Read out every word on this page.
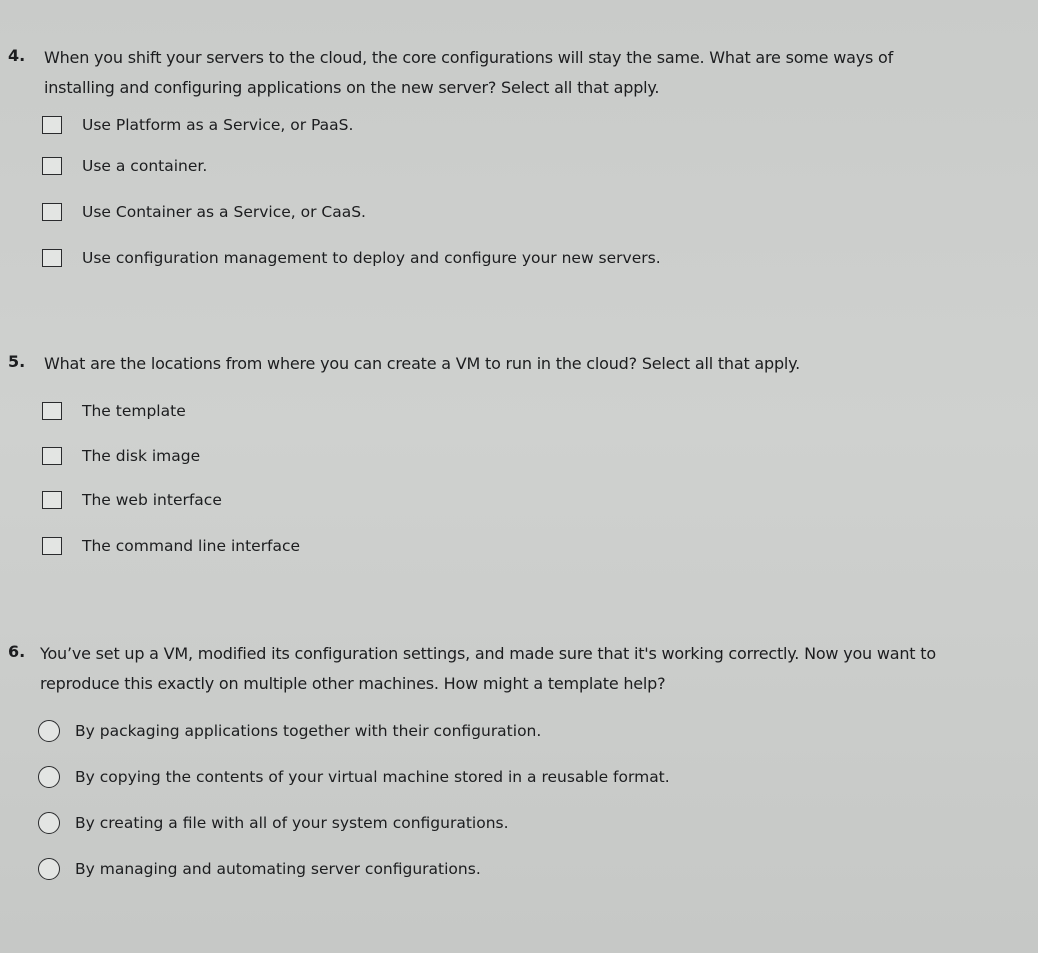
4. When you shift your servers to the cloud, the core configurations will stay the same. What are some ways of installing and configuring applications on the new server? Select all that apply.
Use Platform as a Service, or PaaS.
Use a container.
Use Container as a Service, or CaaS.
Use configuration management to deploy and configure your new servers.
5. What are the locations from where you can create a VM to run in the cloud? Select all that apply.
The template
The disk image
The web interface
The command line interface
6. You’ve set up a VM, modified its configuration settings, and made sure that it's working correctly. Now you want to reproduce this exactly on multiple other machines. How might a template help?
By packaging applications together with their configuration.
By copying the contents of your virtual machine stored in a reusable format.
By creating a file with all of your system configurations.
By managing and automating server configurations.
